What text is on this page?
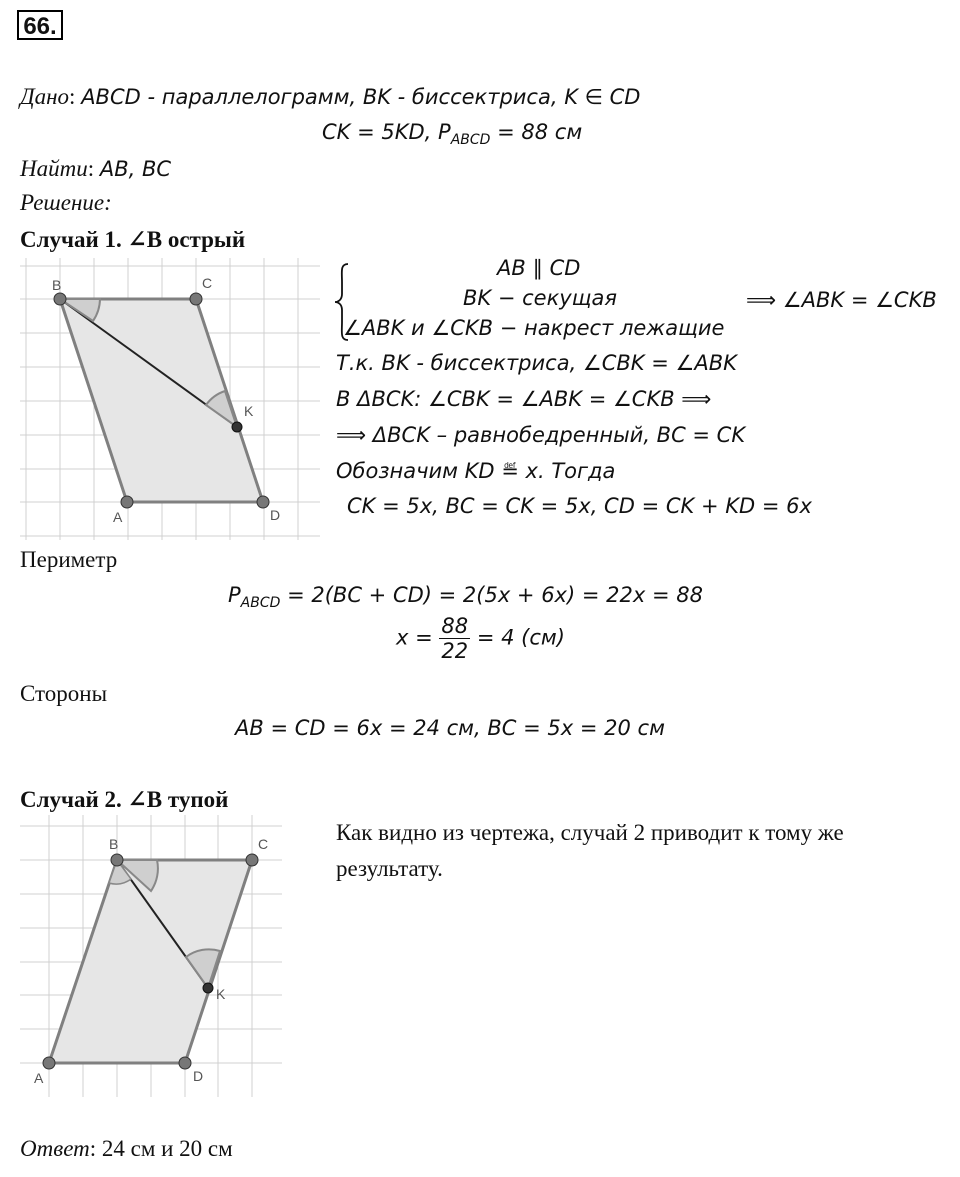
66.
Дано: ABCD - параллелограмм, BK - биссектриса, K ∈ CD
CK = 5KD, $P_{ABCD} = 88$ см
Найти: AB, BC
Решение:
Случай 1. ∠B острый
B	C
K
A	D
AB ∥ CD
BK − секущая
∠ABK и ∠CKB − накрест лежащие
⟹ ∠ABK = ∠CKB
Т.к. BK - биссектриса, ∠CBK = ∠ABK
В ΔBCK: ∠CBK = ∠ABK = ∠CKB ⟹
⟹ ΔBCK – равнобедренный, BC = CK
Обозначим KD ≝ x. Тогда
CK = 5x, BC = CK = 5x, CD = CK + KD = 6x
Периметр
$P_{ABCD} = 2(BC + CD) = 2(5x + 6x) = 22x = 88$
$x = \frac{88}{22} = 4$ (см)
Стороны
AB = CD = 6x = 24 см, BC = 5x = 20 см
Случай 2. ∠B тупой
B	C
K
A	D
Как видно из чертежа, случай 2 приводит к тому же
результату.
Ответ: 24 см и 20 см
